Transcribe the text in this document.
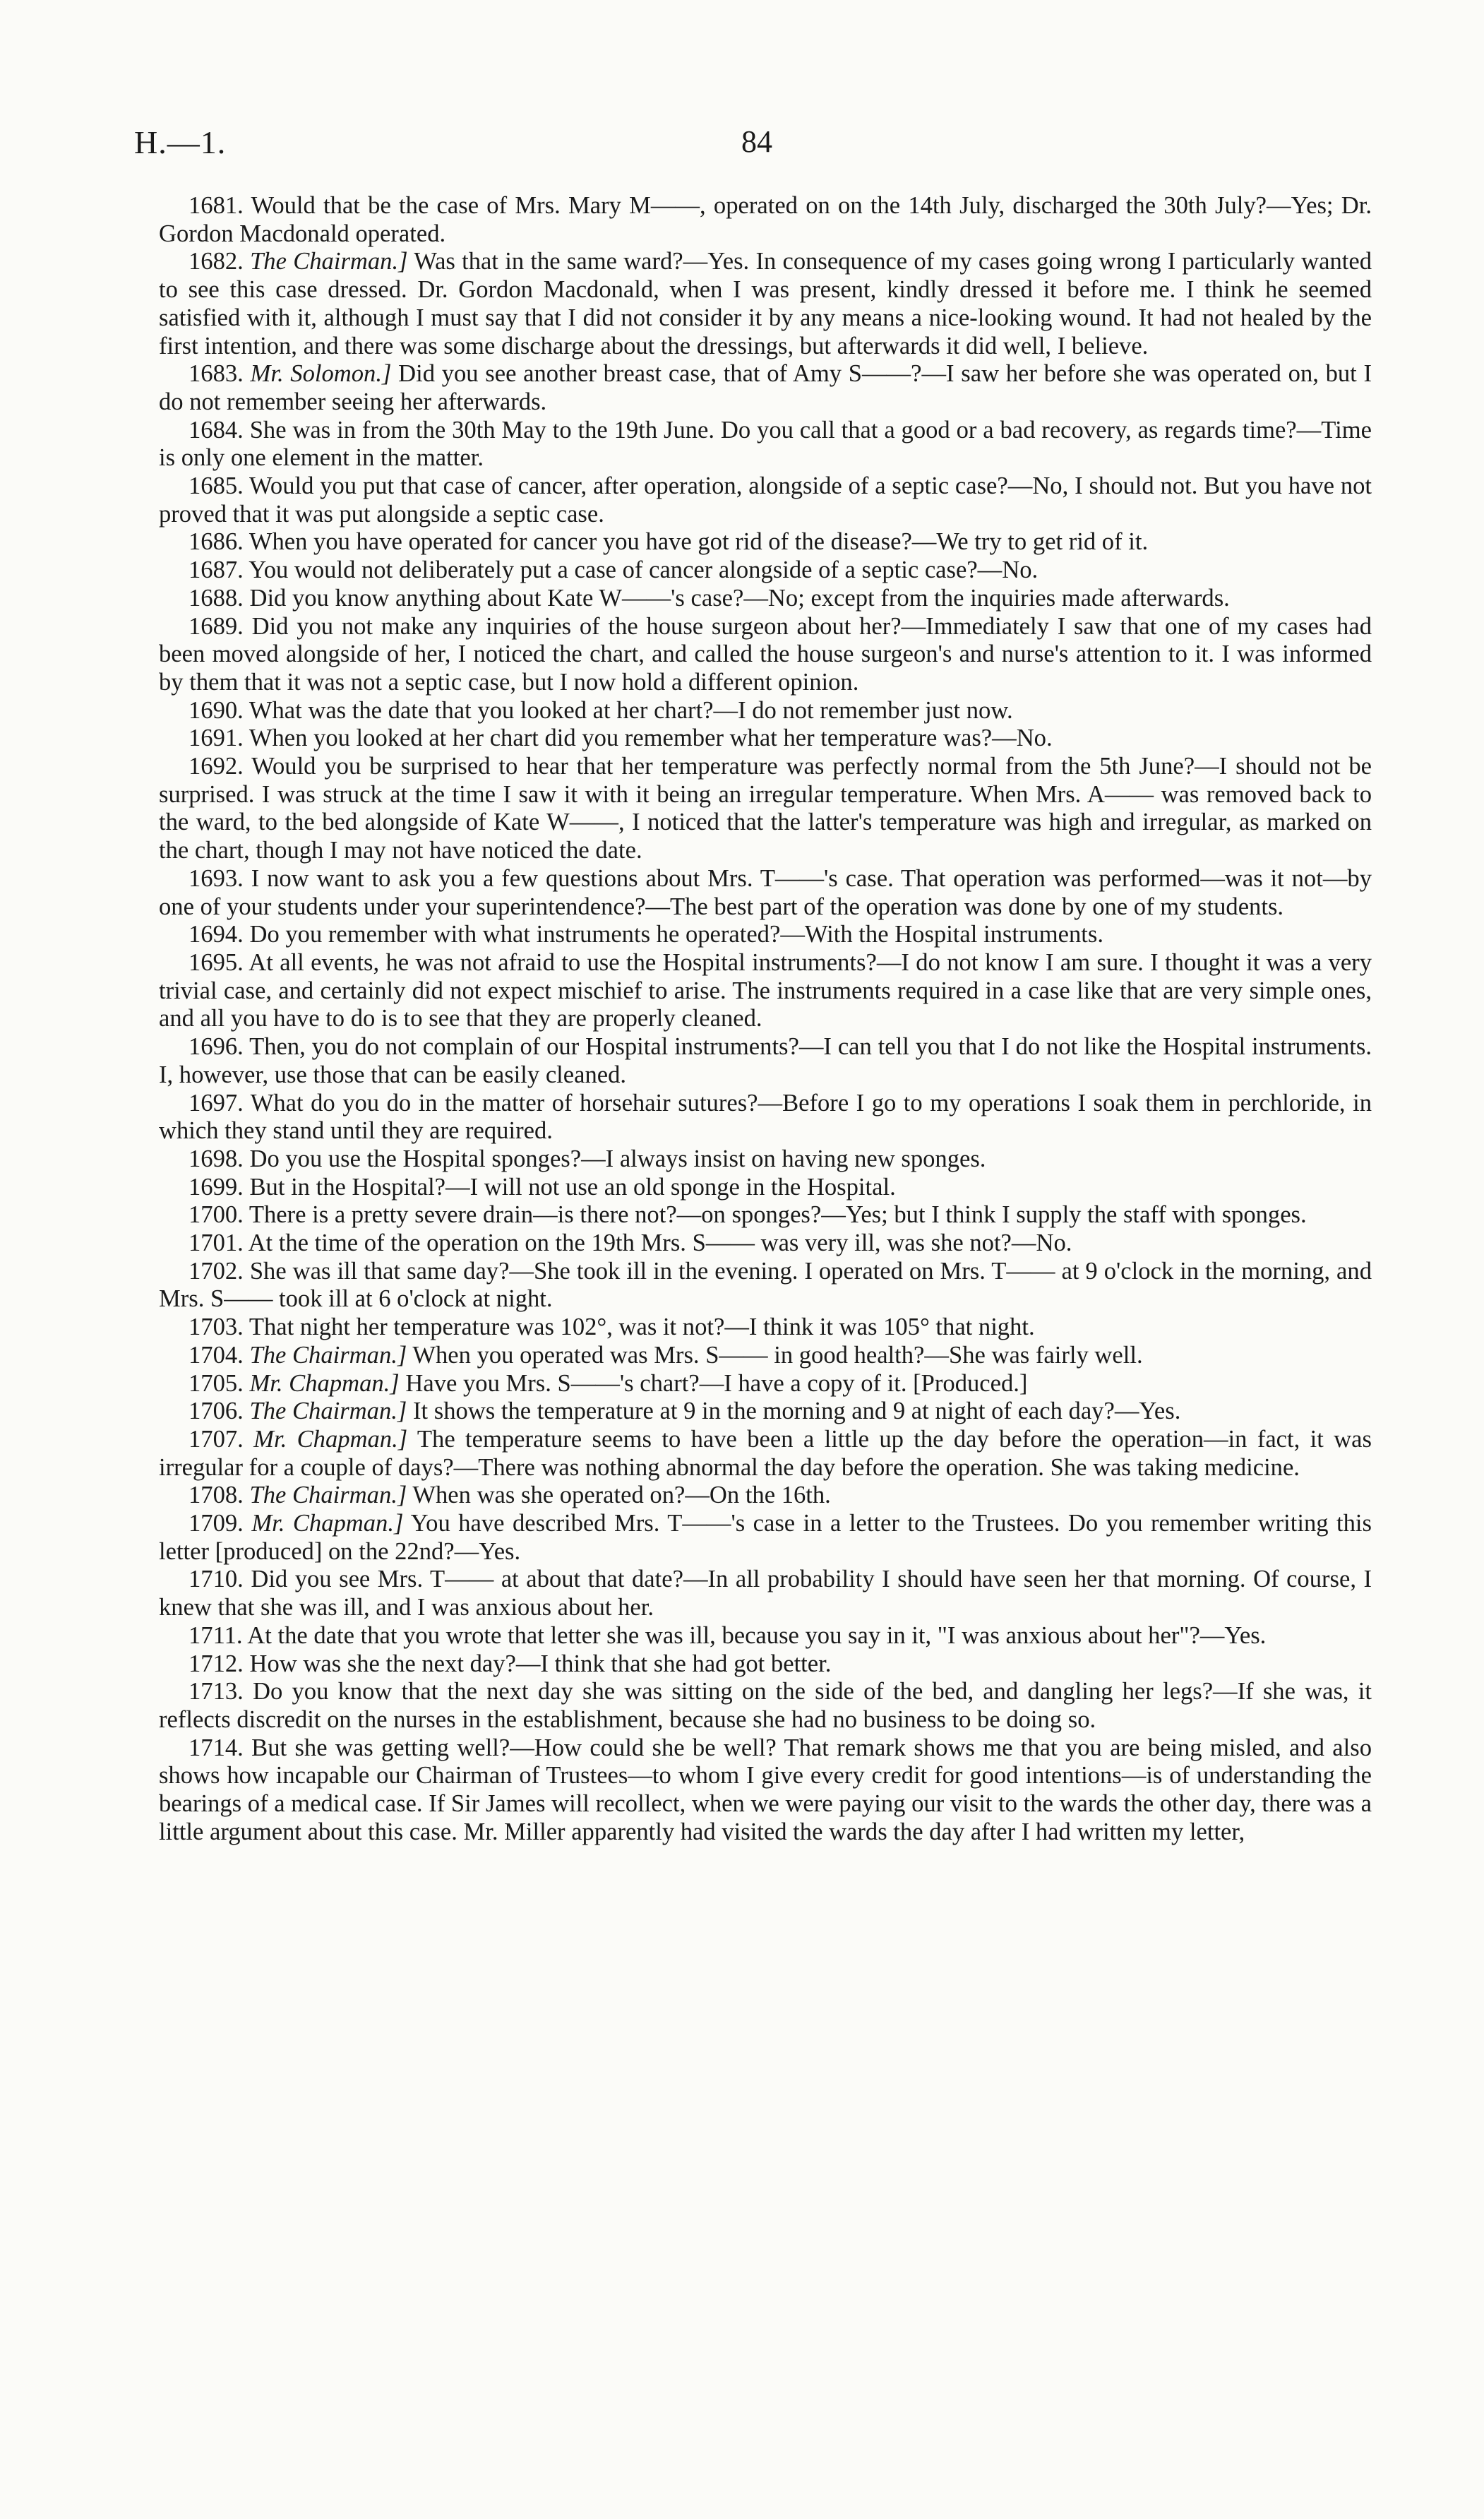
H.—1.	84

1681. Would that be the case of Mrs. Mary M——, operated on on the 14th July, discharged the 30th July?—Yes; Dr. Gordon Macdonald operated.

1682. The Chairman.] Was that in the same ward?—Yes. In consequence of my cases going wrong I particularly wanted to see this case dressed. Dr. Gordon Macdonald, when I was present, kindly dressed it before me. I think he seemed satisfied with it, although I must say that I did not consider it by any means a nice-looking wound. It had not healed by the first intention, and there was some discharge about the dressings, but afterwards it did well, I believe.

1683. Mr. Solomon.] Did you see another breast case, that of Amy S——?—I saw her before she was operated on, but I do not remember seeing her afterwards.

1684. She was in from the 30th May to the 19th June. Do you call that a good or a bad recovery, as regards time?—Time is only one element in the matter.

1685. Would you put that case of cancer, after operation, alongside of a septic case?—No, I should not. But you have not proved that it was put alongside a septic case.

1686. When you have operated for cancer you have got rid of the disease?—We try to get rid of it.

1687. You would not deliberately put a case of cancer alongside of a septic case?—No.

1688. Did you know anything about Kate W——'s case?—No; except from the inquiries made afterwards.

1689. Did you not make any inquiries of the house surgeon about her?—Immediately I saw that one of my cases had been moved alongside of her, I noticed the chart, and called the house surgeon's and nurse's attention to it. I was informed by them that it was not a septic case, but I now hold a different opinion.

1690. What was the date that you looked at her chart?—I do not remember just now.

1691. When you looked at her chart did you remember what her temperature was?—No.

1692. Would you be surprised to hear that her temperature was perfectly normal from the 5th June?—I should not be surprised. I was struck at the time I saw it with it being an irregular temperature. When Mrs. A—— was removed back to the ward, to the bed alongside of Kate W——, I noticed that the latter's temperature was high and irregular, as marked on the chart, though I may not have noticed the date.

1693. I now want to ask you a few questions about Mrs. T——'s case. That operation was performed—was it not—by one of your students under your superintendence?—The best part of the operation was done by one of my students.

1694. Do you remember with what instruments he operated?—With the Hospital instruments.

1695. At all events, he was not afraid to use the Hospital instruments?—I do not know I am sure. I thought it was a very trivial case, and certainly did not expect mischief to arise. The instruments required in a case like that are very simple ones, and all you have to do is to see that they are properly cleaned.

1696. Then, you do not complain of our Hospital instruments?—I can tell you that I do not like the Hospital instruments. I, however, use those that can be easily cleaned.

1697. What do you do in the matter of horsehair sutures?—Before I go to my operations I soak them in perchloride, in which they stand until they are required.

1698. Do you use the Hospital sponges?—I always insist on having new sponges.

1699. But in the Hospital?—I will not use an old sponge in the Hospital.

1700. There is a pretty severe drain—is there not?—on sponges?—Yes; but I think I supply the staff with sponges.

1701. At the time of the operation on the 19th Mrs. S—— was very ill, was she not?—No.

1702. She was ill that same day?—She took ill in the evening. I operated on Mrs. T—— at 9 o'clock in the morning, and Mrs. S—— took ill at 6 o'clock at night.

1703. That night her temperature was 102°, was it not?—I think it was 105° that night.

1704. The Chairman.] When you operated was Mrs. S—— in good health?—She was fairly well.

1705. Mr. Chapman.] Have you Mrs. S——'s chart?—I have a copy of it. [Produced.]

1706. The Chairman.] It shows the temperature at 9 in the morning and 9 at night of each day?—Yes.

1707. Mr. Chapman.] The temperature seems to have been a little up the day before the operation—in fact, it was irregular for a couple of days?—There was nothing abnormal the day before the operation. She was taking medicine.

1708. The Chairman.] When was she operated on?—On the 16th.

1709. Mr. Chapman.] You have described Mrs. T——'s case in a letter to the Trustees. Do you remember writing this letter [produced] on the 22nd?—Yes.

1710. Did you see Mrs. T—— at about that date?—In all probability I should have seen her that morning. Of course, I knew that she was ill, and I was anxious about her.

1711. At the date that you wrote that letter she was ill, because you say in it, "I was anxious about her"?—Yes.

1712. How was she the next day?—I think that she had got better.

1713. Do you know that the next day she was sitting on the side of the bed, and dangling her legs?—If she was, it reflects discredit on the nurses in the establishment, because she had no business to be doing so.

1714. But she was getting well?—How could she be well? That remark shows me that you are being misled, and also shows how incapable our Chairman of Trustees—to whom I give every credit for good intentions—is of understanding the bearings of a medical case. If Sir James will recollect, when we were paying our visit to the wards the other day, there was a little argument about this case. Mr. Miller apparently had visited the wards the day after I had written my letter,
